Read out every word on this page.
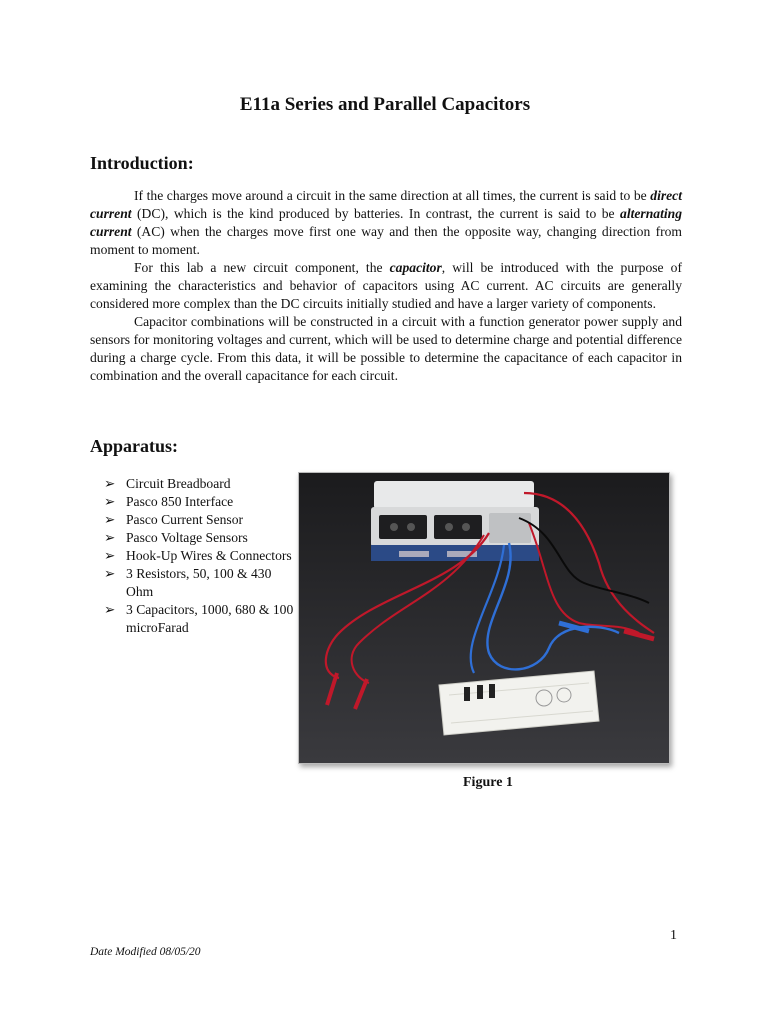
E11a Series and Parallel Capacitors
Introduction:

If the charges move around a circuit in the same direction at all times, the current is said to be direct current (DC), which is the kind produced by batteries. In contrast, the current is said to be alternating current (AC) when the charges move first one way and then the opposite way, changing direction from moment to moment.

For this lab a new circuit component, the capacitor, will be introduced with the purpose of examining the characteristics and behavior of capacitors using AC current. AC circuits are generally considered more complex than the DC circuits initially studied and have a larger variety of components.

Capacitor combinations will be constructed in a circuit with a function generator power supply and sensors for monitoring voltages and current, which will be used to determine charge and potential difference during a charge cycle. From this data, it will be possible to determine the capacitance of each capacitor in combination and the overall capacitance for each circuit.

Apparatus:
➢ Circuit Breadboard
➢ Pasco 850 Interface
➢ Pasco Current Sensor
➢ Pasco Voltage Sensors
➢ Hook-Up Wires & Connectors
➢ 3 Resistors, 50, 100 & 430 Ohm
➢ 3 Capacitors, 1000, 680 & 100 microFarad
Figure 1
1
Date Modified 08/05/20
